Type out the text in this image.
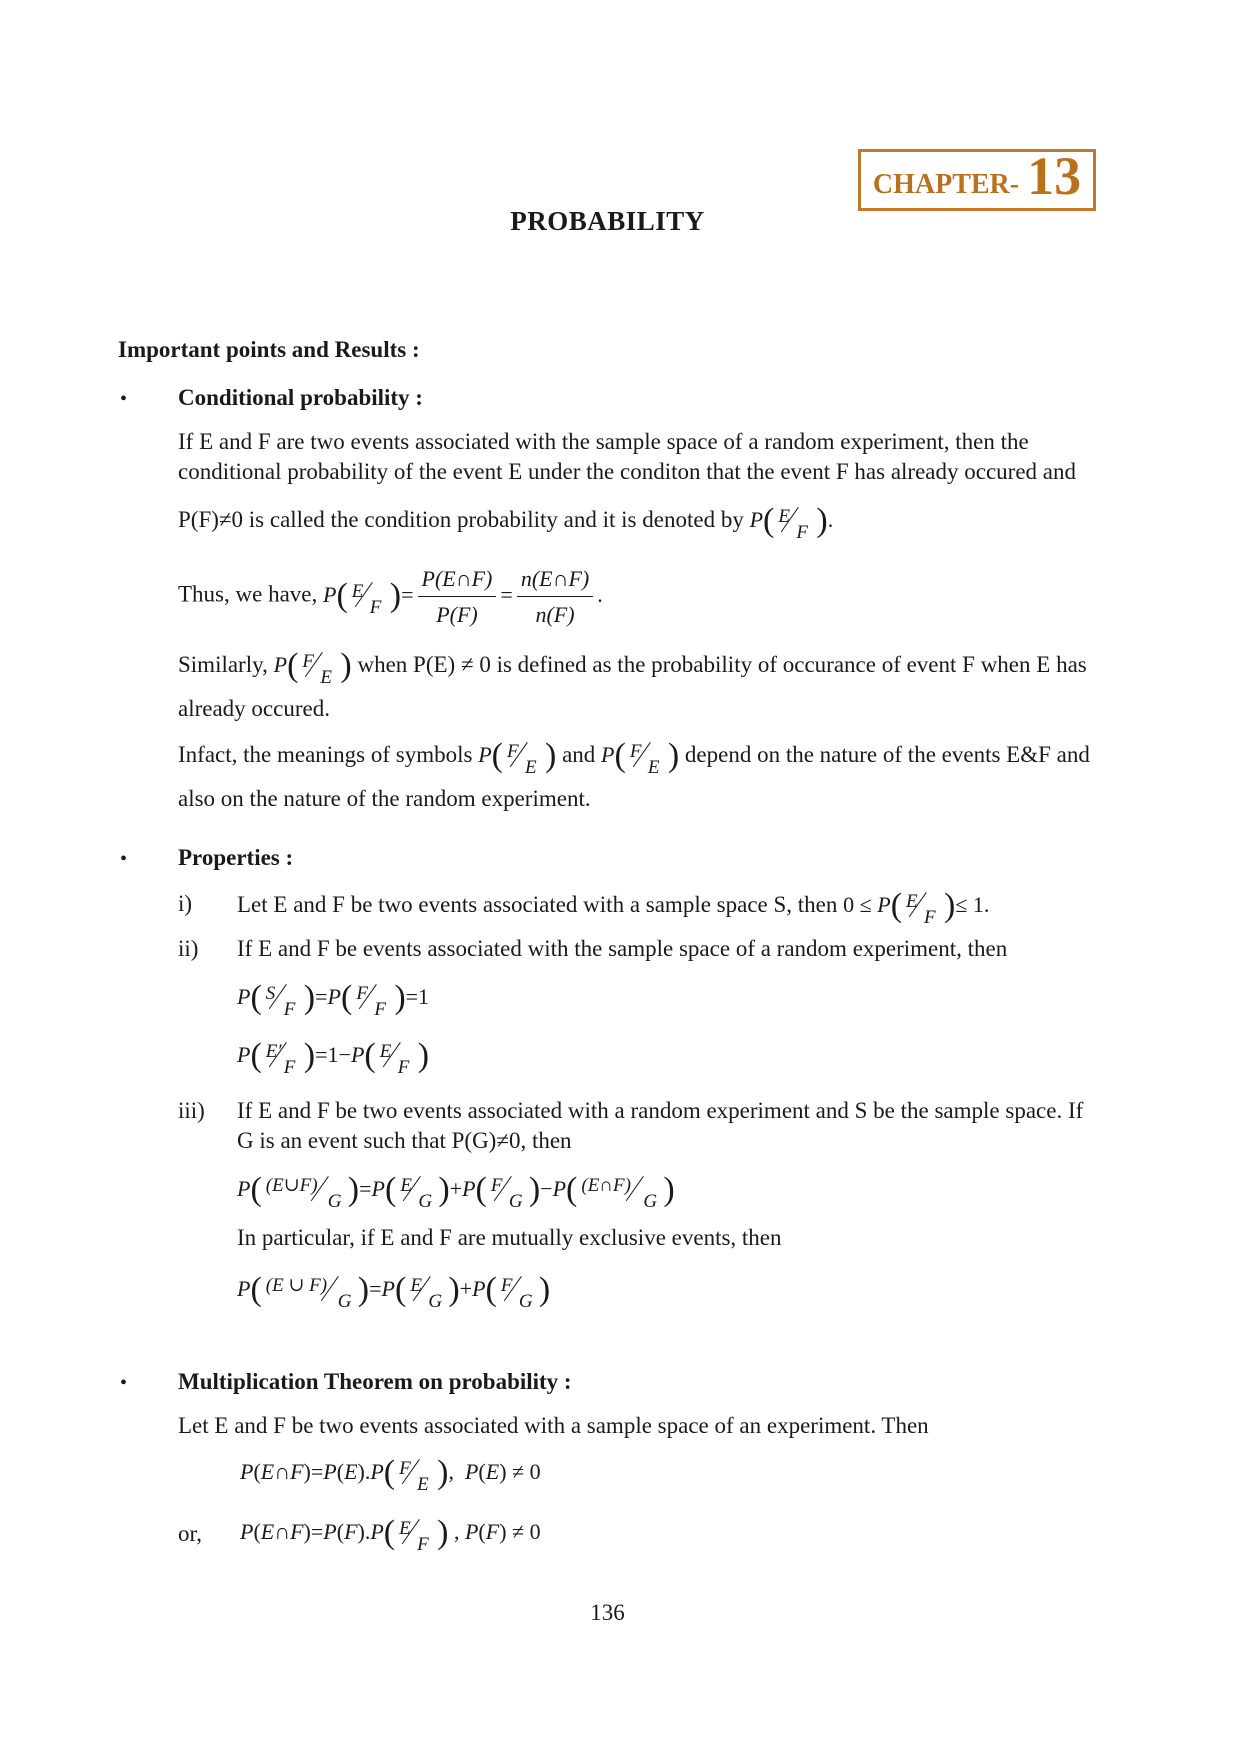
CHAPTER- 13
PROBABILITY
Important points and Results :
• Conditional probability :
If E and F are two events associated with the sample space of a random experiment, then the
conditional probability of the event E under the conditon that the event F has already occured and
P(F)≠0 is called the condition probability and it is denoted by P( E
F ).
Thus, we have, P( E
F )= $\frac{P(E\cap F)}{P(F)} = \frac{n(E\cap F)}{n(F)}$ .
Similarly, P( F
E ) when P(E) ≠ 0 is defined as the probability of occurance of event F when E has
already occured.
Infact, the meanings of symbols P( F
E ) and P( F
E ) depend on the nature of the events E&F and
also on the nature of the random experiment.
• Properties :
i) Let E and F be two events associated with a sample space S, then 0 ≤ P( E
F )≤ 1.
ii) If E and F be events associated with the sample space of a random experiment, then
P( S
F )=P( F
F )=1
P( E′
F )=1−P( E
F )
iii) If E and F be two events associated with a random experiment and S be the sample space. If
G is an event such that P(G)≠0, then
P( (E∪F)
G )=P( E
G )+P( F
G )−P( (E∩F)
G )
In particular, if E and F are mutually exclusive events, then
P( (E ∪ F)
G )=P( E
G )+P( F
G )
• Multiplication Theorem on probability :
Let E and F be two events associated with a sample space of an experiment. Then
P(E∩F)=P(E).P( F
E ),  P(E) ≠ 0
or, P(E∩F)=P(F).P( E
F ) , P(F) ≠ 0
136
